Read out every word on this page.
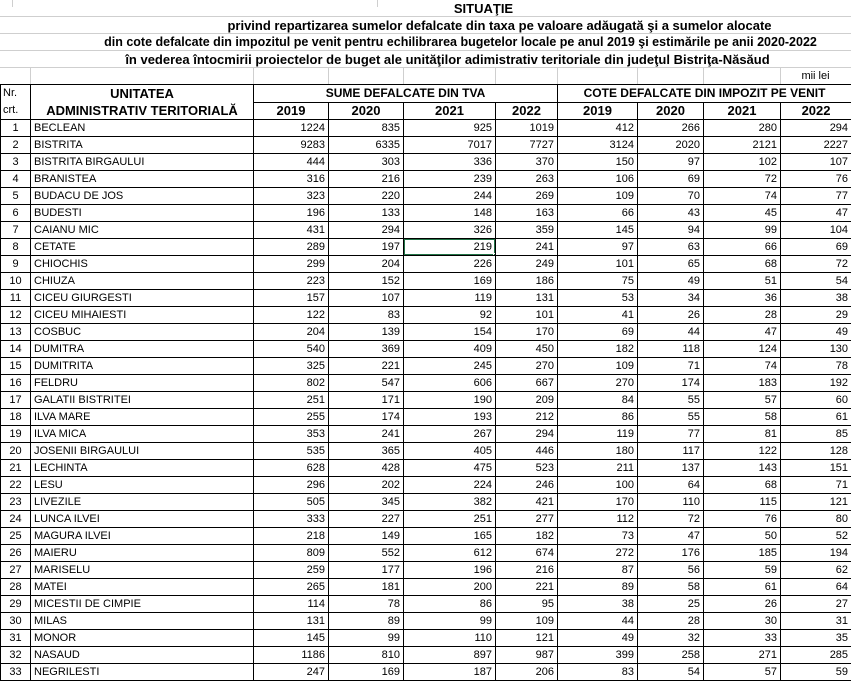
SITUAŢIE
privind repartizarea sumelor defalcate din taxa pe valoare adăugată şi a sumelor alocate
din cote defalcate din impozitul pe venit pentru echilibrarea bugetelor locale pe anul 2019 şi estimările pe anii 2020-2022
în vederea întocmirii proiectelor de buget ale unităţilor adimistrativ teritoriale din judeţul Bistriţa-Năsăud
mii lei
Nr.
crt.

UNITATEA
ADMINISTRATIV TERITORIALĂ
	SUME DEFALCATE DIN TVA	COTE DEFALCATE DIN IMPOZIT PE VENIT
		2019	2020	2021	2022	2019	2020	2021	2022
1	BECLEAN	1224	835	925	1019	412	266	280	294
2	BISTRITA	9283	6335	7017	7727	3124	2020	2121	2227
3	BISTRITA BIRGAULUI	444	303	336	370	150	97	102	107
4	BRANISTEA	316	216	239	263	106	69	72	76
5	BUDACU DE JOS	323	220	244	269	109	70	74	77
6	BUDESTI	196	133	148	163	66	43	45	47
7	CAIANU MIC	431	294	326	359	145	94	99	104
8	CETATE	289	197	219	241	97	63	66	69
9	CHIOCHIS	299	204	226	249	101	65	68	72
10	CHIUZA	223	152	169	186	75	49	51	54
11	CICEU GIURGESTI	157	107	119	131	53	34	36	38
12	CICEU MIHAIESTI	122	83	92	101	41	26	28	29
13	COSBUC	204	139	154	170	69	44	47	49
14	DUMITRA	540	369	409	450	182	118	124	130
15	DUMITRITA	325	221	245	270	109	71	74	78
16	FELDRU	802	547	606	667	270	174	183	192
17	GALATII BISTRITEI	251	171	190	209	84	55	57	60
18	ILVA MARE	255	174	193	212	86	55	58	61
19	ILVA MICA	353	241	267	294	119	77	81	85
20	JOSENII BIRGAULUI	535	365	405	446	180	117	122	128
21	LECHINTA	628	428	475	523	211	137	143	151
22	LESU	296	202	224	246	100	64	68	71
23	LIVEZILE	505	345	382	421	170	110	115	121
24	LUNCA ILVEI	333	227	251	277	112	72	76	80
25	MAGURA ILVEI	218	149	165	182	73	47	50	52
26	MAIERU	809	552	612	674	272	176	185	194
27	MARISELU	259	177	196	216	87	56	59	62
28	MATEI	265	181	200	221	89	58	61	64
29	MICESTII DE CIMPIE	114	78	86	95	38	25	26	27
30	MILAS	131	89	99	109	44	28	30	31
31	MONOR	145	99	110	121	49	32	33	35
32	NASAUD	1186	810	897	987	399	258	271	285
33	NEGRILESTI	247	169	187	206	83	54	57	59
